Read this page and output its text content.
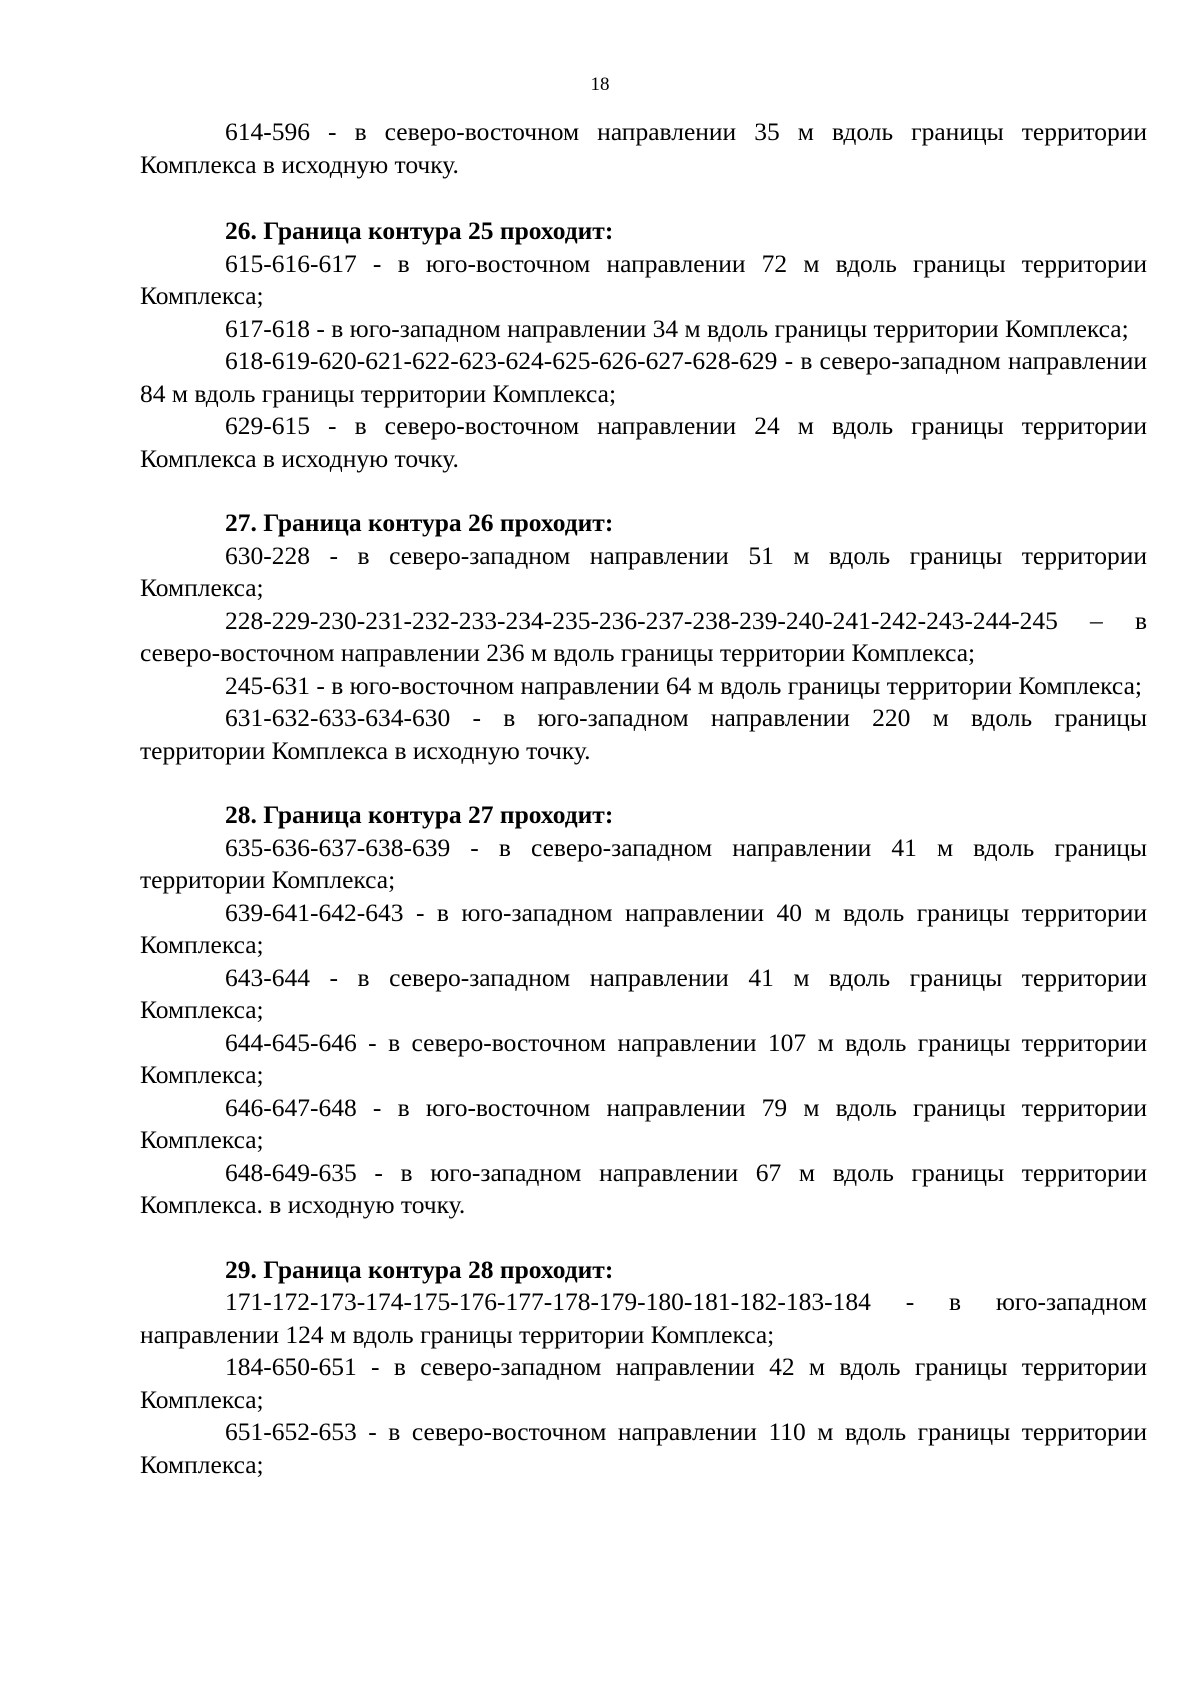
18

614-596 - в северо-восточном направлении 35 м вдоль границы территории Комплекса в исходную точку.

26. Граница контура 25 проходит:

615-616-617 - в юго-восточном направлении 72 м вдоль границы территории Комплекса;

617-618 - в юго-западном направлении 34 м вдоль границы территории Комплекса;

618-619-620-621-622-623-624-625-626-627-628-629 - в северо-западном направлении 84 м вдоль границы территории Комплекса;

629-615 - в северо-восточном направлении 24 м вдоль границы территории Комплекса в исходную точку.

27. Граница контура 26 проходит:

630-228 - в северо-западном направлении 51 м вдоль границы территории Комплекса;

228-229-230-231-232-233-234-235-236-237-238-239-240-241-242-243-244-245 – в северо-восточном направлении 236 м вдоль границы территории Комплекса;

245-631 - в юго-восточном направлении 64 м вдоль границы территории Комплекса;

631-632-633-634-630 - в юго-западном направлении 220 м вдоль границы территории Комплекса в исходную точку.

28. Граница контура 27 проходит:

635-636-637-638-639 - в северо-западном направлении 41 м вдоль границы территории Комплекса;

639-641-642-643 - в юго-западном направлении 40 м вдоль границы территории Комплекса;

643-644 - в северо-западном направлении 41 м вдоль границы территории Комплекса;

644-645-646 - в северо-восточном направлении 107 м вдоль границы территории Комплекса;

646-647-648 - в юго-восточном направлении 79 м вдоль границы территории Комплекса;

648-649-635 - в юго-западном направлении 67 м вдоль границы территории Комплекса. в исходную точку.

29. Граница контура 28 проходит:

171-172-173-174-175-176-177-178-179-180-181-182-183-184 - в юго-западном направлении 124 м вдоль границы территории Комплекса;

184-650-651 - в северо-западном направлении 42 м вдоль границы территории Комплекса;

651-652-653 - в северо-восточном направлении 110 м вдоль границы территории Комплекса;
